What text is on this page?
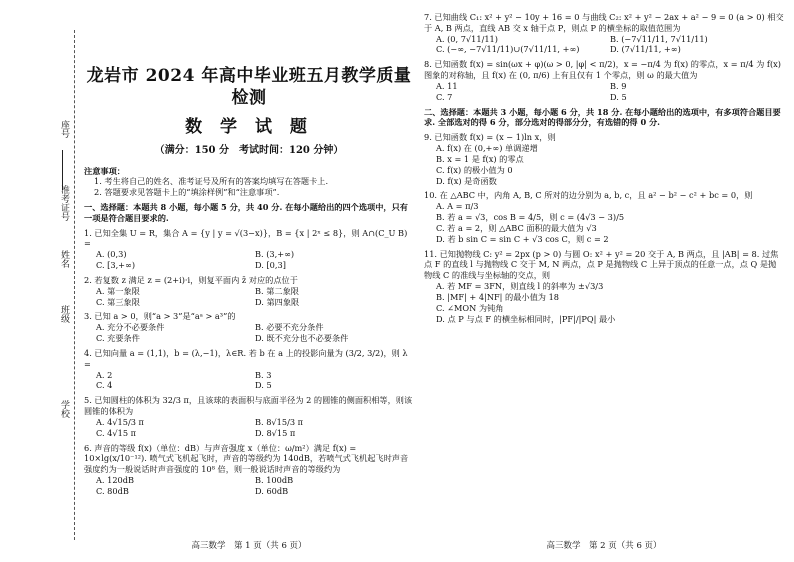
座号
准考证号
姓名
班级
学校
龙岩市 2024 年高中毕业班五月教学质量检测
数 学 试 题
（满分：150 分　考试时间：120 分钟）
注意事项：
1. 考生将自己的姓名、准考证号及所有的答案均填写在答题卡上.
2. 答题要求见答题卡上的“填涂样例”和“注意事项”.
一、选择题：本题共 8 小题，每小题 5 分，共 40 分. 在每小题给出的四个选项中，只有一项是符合题目要求的.
1. 已知全集 U = R，集合 A = {y | y = √(3−x)}，B = {x | 2ˣ ≤ 8}，则 A∩(C_U B) =
A. (0,3)	B. (3,+∞)
C. [3,+∞)	D. [0,3]
2. 若复数 z 满足 z = (2+i)·i，则复平面内 z̄ 对应的点位于
A. 第一象限	B. 第二象限
C. 第三象限	D. 第四象限
3. 已知 a > 0，则“a > 3”是“aᵃ > a³”的
A. 充分不必要条件	B. 必要不充分条件
C. 充要条件	D. 既不充分也不必要条件
4. 已知向量 a = (1,1)，b = (λ,−1)，λ∈R. 若 b 在 a 上的投影向量为 (3/2, 3/2)，则 λ =
A. 2	B. 3
C. 4	D. 5
5. 已知圆柱的体积为 32/3 π，且该球的表面积与底面半径为 2 的圆锥的侧面积相等，则该圆锥的体积为
A. 4√15/3 π	B. 8√15/3 π
C. 4√15 π	D. 8√15 π
6. 声音的等级 f(x)（单位：dB）与声音强度 x（单位：ω/m²）满足 f(x) = 10×lg(x/10⁻¹²). 喷气式飞机起飞时，声音的等级约为 140dB，若喷气式飞机起飞时声音强度约为一般说话时声音强度的 10⁸ 倍，则一般说话时声音的等级约为
A. 120dB	B. 100dB
C. 80dB	D. 60dB
高三数学　第 1 页（共 6 页）
7. 已知曲线 C₁: x² + y² − 10y + 16 = 0 与曲线 C₂: x² + y² − 2ax + a² − 9 = 0 (a > 0) 相交于 A, B 两点，直线 AB 交 x 轴于点 P，则点 P 的横坐标的取值范围为
A. (0, 7√11/11)	B. (−7√11/11, 7√11/11)
C. (−∞, −7√11/11)∪(7√11/11, +∞)	D. (7√11/11, +∞)
8. 已知函数 f(x) = sin(ωx + φ)(ω > 0, |φ| < π/2)，x = −π/4 为 f(x) 的零点，x = π/4 为 f(x) 图象的对称轴，且 f(x) 在 (0, π/6) 上有且仅有 1 个零点，则 ω 的最大值为
A. 11	B. 9
C. 7	D. 5
二、选择题：本题共 3 小题，每小题 6 分，共 18 分. 在每小题给出的选项中，有多项符合题目要求. 全部选对的得 6 分，部分选对的得部分分，有选错的得 0 分.
9. 已知函数 f(x) = (x − 1)ln x，则
A. f(x) 在 (0,+∞) 单调递增
B. x = 1 是 f(x) 的零点
C. f(x) 的极小值为 0
D. f(x) 是奇函数
10. 在 △ABC 中，内角 A, B, C 所对的边分别为 a, b, c，且 a² − b² − c² + bc = 0，则
A. A = π/3
B. 若 a = √3，cos B = 4/5，则 c = (4√3 − 3)/5
C. 若 a = 2，则 △ABC 面积的最大值为 √3
D. 若 b sin C = sin C + √3 cos C，则 c = 2
11. 已知抛物线 C: y² = 2px (p > 0) 与圆 O: x² + y² = 20 交于 A, B 两点，且 |AB| = 8. 过焦点 F 的直线 l 与抛物线 C 交于 M, N 两点，点 P 是抛物线 C 上异于顶点的任意一点，点 Q 是抛物线 C 的准线与坐标轴的交点，则
A. 若 MF = 3FN，则直线 l 的斜率为 ±√3/3
B. |MF| + 4|NF| 的最小值为 18
C. ∠MON 为钝角
D. 点 P 与点 F 的横坐标相同时，|PF|/|PQ| 最小
高三数学　第 2 页（共 6 页）
